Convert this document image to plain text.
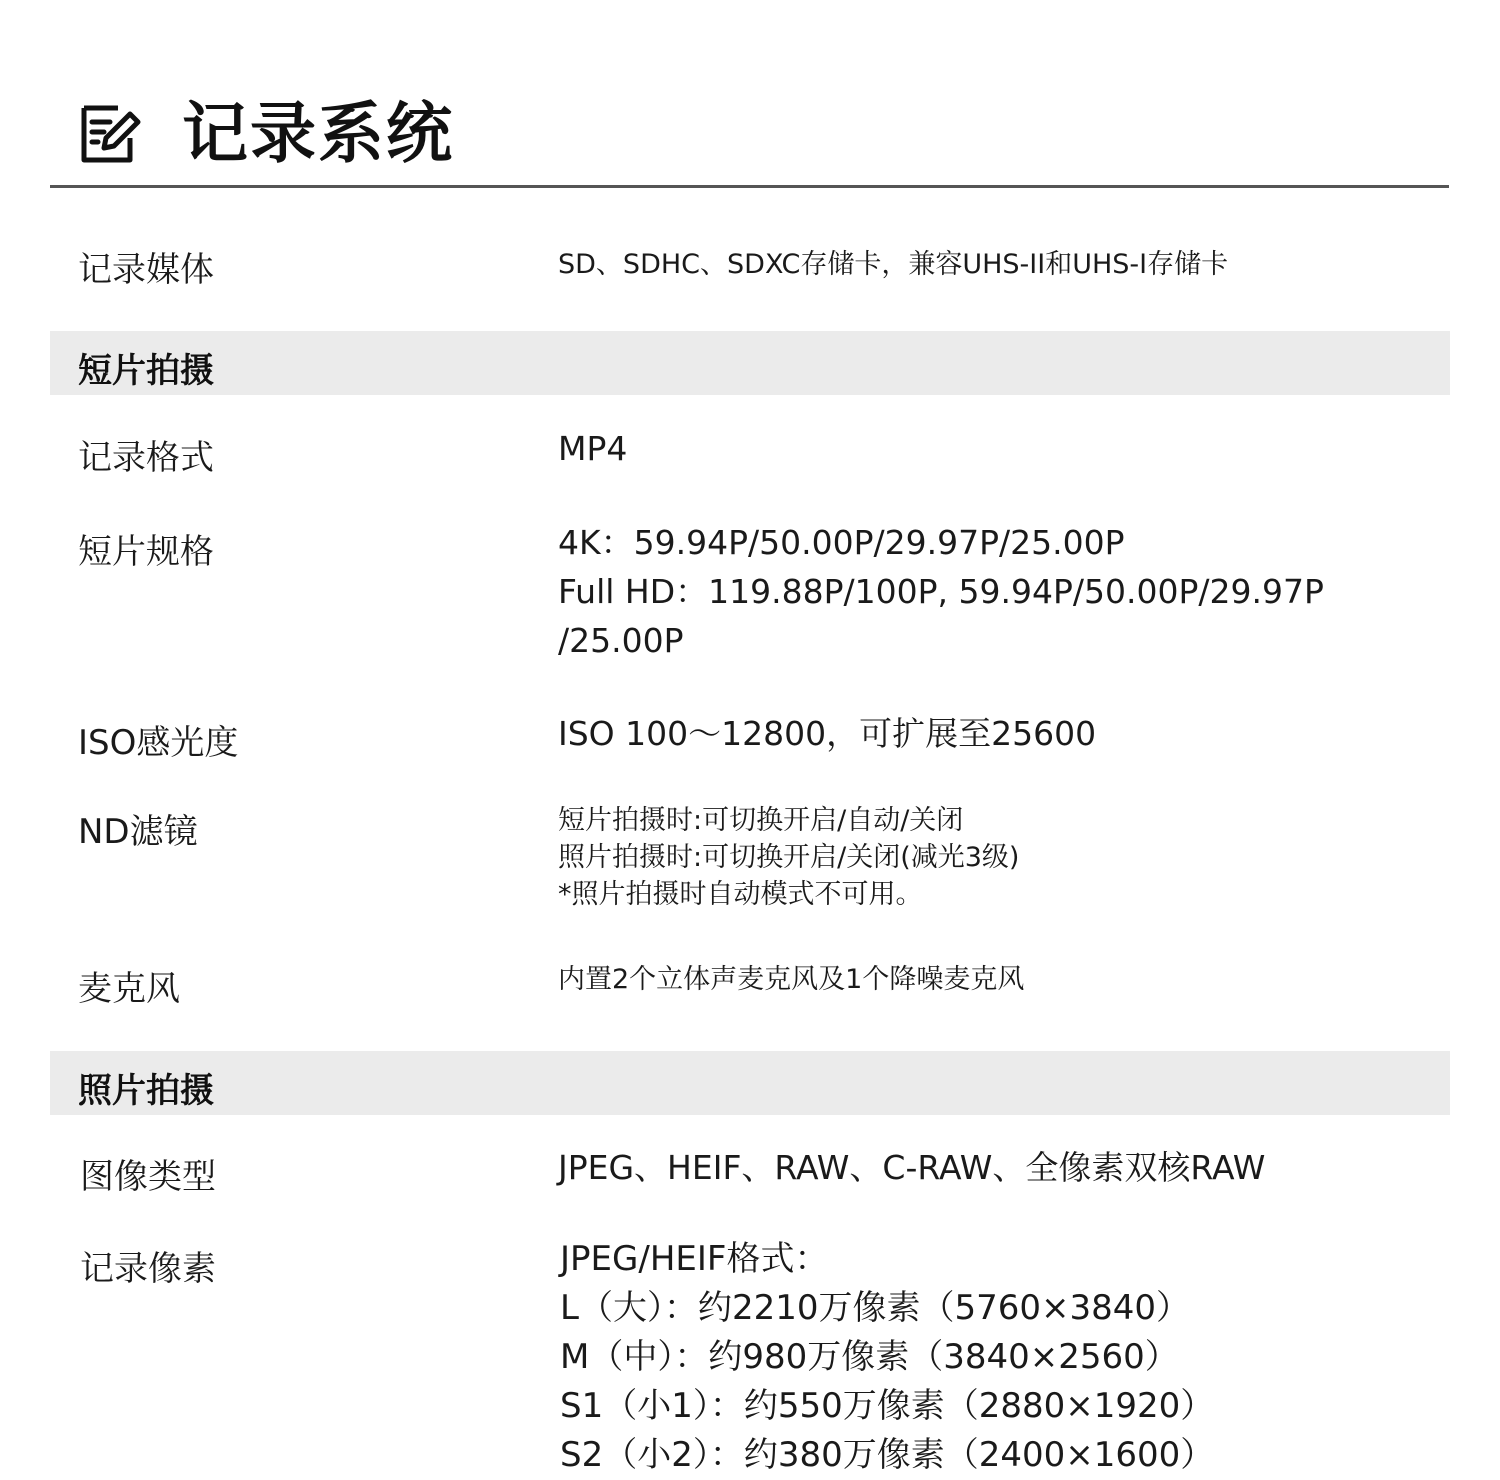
记录系统
记录媒体	SD、SDHC、SDXC存储卡，兼容UHS-II和UHS-I存储卡
短片拍摄
记录格式	MP4
短片规格	4K：59.94P/50.00P/29.97P/25.00P
Full HD：119.88P/100P, 59.94P/50.00P/29.97P
/25.00P
ISO感光度	ISO 100～12800，可扩展至25600
ND滤镜	短片拍摄时:可切换开启/自动/关闭
照片拍摄时:可切换开启/关闭(减光3级)
*照片拍摄时自动模式不可用。
麦克风	内置2个立体声麦克风及1个降噪麦克风
照片拍摄
图像类型	JPEG、HEIF、RAW、C-RAW、全像素双核RAW
记录像素	JPEG/HEIF格式：
L（大）：约2210万像素（5760×3840）
M（中）：约980万像素（3840×2560）
S1（小1）：约550万像素（2880×1920）
S2（小2）：约380万像素（2400×1600）
